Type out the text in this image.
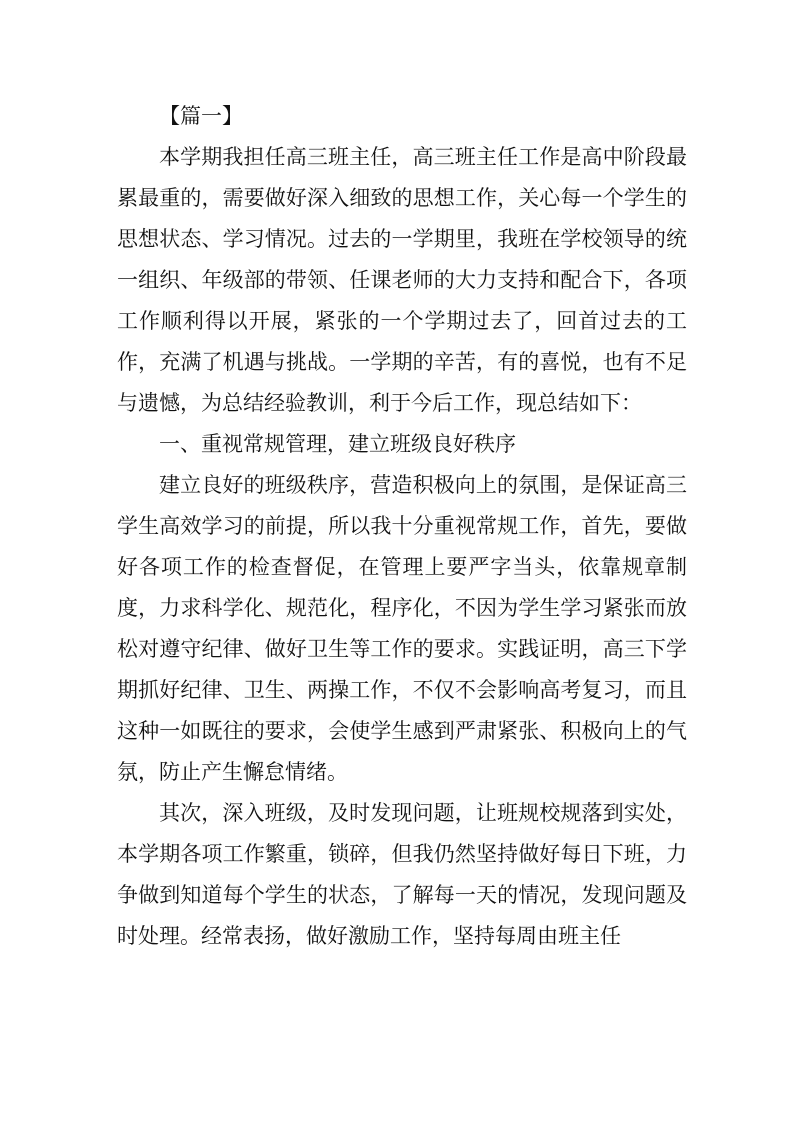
【篇一】

本学期我担任高三班主任，高三班主任工作是高中阶段最累最重的，需要做好深入细致的思想工作，关心每一个学生的思想状态、学习情况。过去的一学期里，我班在学校领导的统一组织、年级部的带领、任课老师的大力支持和配合下，各项工作顺利得以开展，紧张的一个学期过去了，回首过去的工作，充满了机遇与挑战。一学期的辛苦，有的喜悦，也有不足与遗憾，为总结经验教训，利于今后工作，现总结如下：

一、重视常规管理，建立班级良好秩序

建立良好的班级秩序，营造积极向上的氛围，是保证高三学生高效学习的前提，所以我十分重视常规工作，首先，要做好各项工作的检查督促，在管理上要严字当头，依靠规章制度，力求科学化、规范化，程序化，不因为学生学习紧张而放松对遵守纪律、做好卫生等工作的要求。实践证明，高三下学期抓好纪律、卫生、两操工作，不仅不会影响高考复习，而且这种一如既往的要求，会使学生感到严肃紧张、积极向上的气氛，防止产生懈怠情绪。

其次，深入班级，及时发现问题，让班规校规落到实处，本学期各项工作繁重，锁碎，但我仍然坚持做好每日下班，力争做到知道每个学生的状态，了解每一天的情况，发现问题及时处理。经常表扬，做好激励工作，坚持每周由班主任
